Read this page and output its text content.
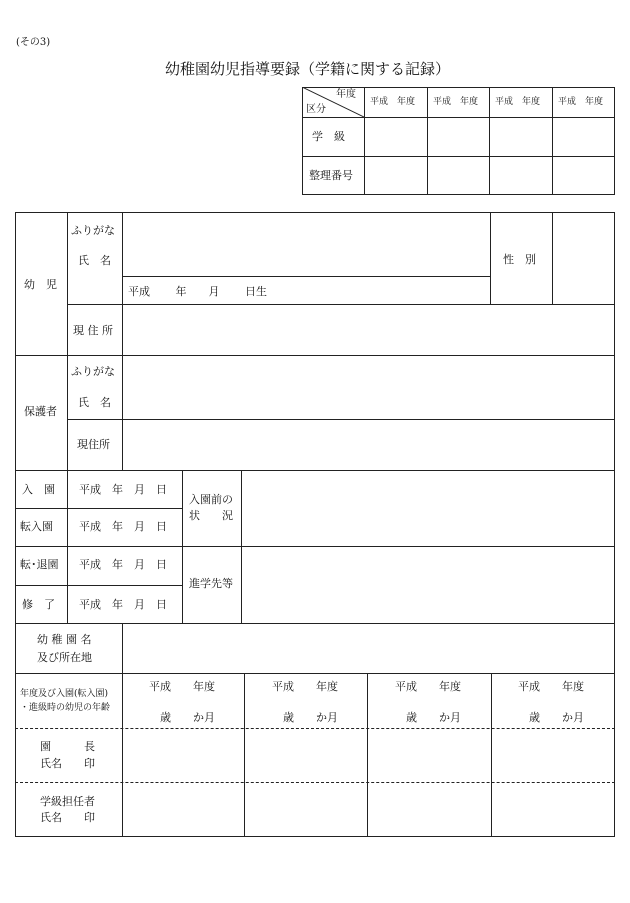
(その3)
幼稚園幼児指導要録（学籍に関する記録）
年度
区分
平成　年度 平成　年度 平成　年度 平成　年度
学　級
整理番号
幼　児
ふりがな
氏　名
平成　　 年　　月　　 日生
性　別
現 住 所
保護者
ふりがな
氏　名
現住所
入　園 平成　年　月　日
転入園 平成　年　月　日
転･退園 平成　年　月　日
修　了 平成　年　月　日
入園前の
状　　況
進学先等
幼 稚 園 名
及び所在地
年度及び入園(転入園)
・進級時の幼児の年齢
平成　　年度
歳　　か月
平成　　年度
歳　　か月
平成　　年度
歳　　か月
平成　　年度
歳　　か月
園　　　長
氏名　　印
学級担任者
氏名　　印
